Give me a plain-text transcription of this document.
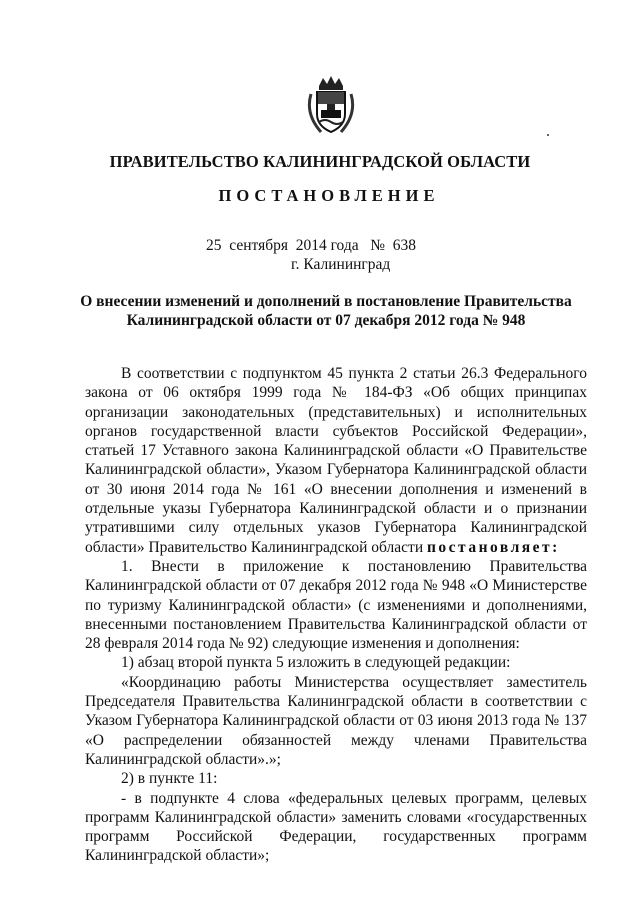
ПРАВИТЕЛЬСТВО КАЛИНИНГРАДСКОЙ ОБЛАСТИ
ПОСТАНОВЛЕНИЕ
25  сентября  2014 года   №  638
г. Калининград
О внесении изменений и дополнений в постановление Правительства
Калининградской области от 07 декабря 2012 года № 948

В соответствии с подпунктом 45 пункта 2 статьи 26.3 Федерального закона от 06 октября 1999 года № 184-ФЗ «Об общих принципах организации законодательных (представительных) и исполнительных органов государственной власти субъектов Российской Федерации», статьей 17 Уставного закона Калининградской области «О Правительстве Калининградской области», Указом Губернатора Калининградской области от 30 июня 2014 года № 161 «О внесении дополнения и изменений в отдельные указы Губернатора Калининградской области и о признании утратившими силу отдельных указов Губернатора Калининградской области» Правительство Калининградской области постановляет:

1. Внести в приложение к постановлению Правительства Калининградской области от 07 декабря 2012 года № 948 «О Министерстве по туризму Калининградской области» (с изменениями и дополнениями, внесенными постановлением Правительства Калининградской области от 28 февраля 2014 года № 92) следующие изменения и дополнения:

1) абзац второй пункта 5 изложить в следующей редакции:

«Координацию работы Министерства осуществляет заместитель Председателя Правительства Калининградской области в соответствии с Указом Губернатора Калининградской области от 03 июня 2013 года № 137 «О распределении обязанностей между членами Правительства Калининградской области».»;

2) в пункте 11:

- в подпункте 4 слова «федеральных целевых программ, целевых программ Калининградской области» заменить словами «государственных программ Российской Федерации, государственных программ Калининградской области»;
